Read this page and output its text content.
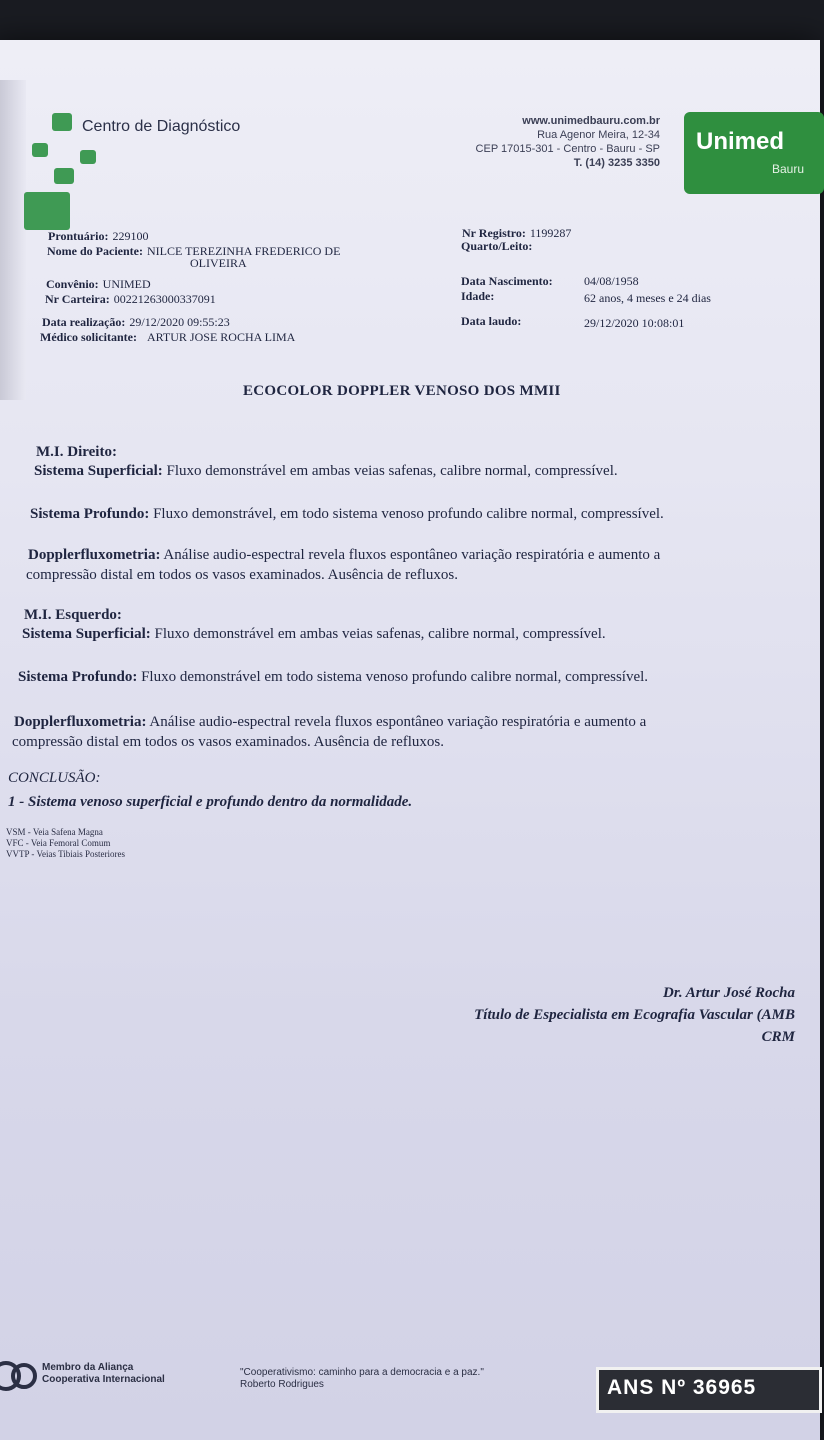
Centro de Diagnóstico	www.unimedbauru.com.br
Rua Agenor Meira, 12-34
CEP 17015-301 - Centro - Bauru - SP
T. (14) 3235 3350
Unimed
Bauru
Prontuário: 229100
Nome do Paciente: NILCE TEREZINHA FREDERICO DE
OLIVEIRA
Convênio: UNIMED
Nr Carteira: 00221263000337091
Data realização: 29/12/2020 09:55:23
Médico solicitante: ARTUR JOSE ROCHA LIMA
Nr Registro: 1199287
Quarto/Leito:
Data Nascimento:	04/08/1958
Idade:	62 anos, 4 meses e 24 dias
Data laudo:	29/12/2020 10:08:01
ECOCOLOR DOPPLER VENOSO DOS MMII
M.I. Direito:
Sistema Superficial: Fluxo demonstrável em ambas veias safenas, calibre normal, compressível.
Sistema Profundo: Fluxo demonstrável, em todo sistema venoso profundo calibre normal, compressível.
Dopplerfluxometria: Análise audio-espectral revela fluxos espontâneo variação respiratória e aumento a
compressão distal em todos os vasos examinados. Ausência de refluxos.
M.I. Esquerdo:
Sistema Superficial: Fluxo demonstrável em ambas veias safenas, calibre normal, compressível.
Sistema Profundo: Fluxo demonstrável em todo sistema venoso profundo calibre normal, compressível.
Dopplerfluxometria: Análise audio-espectral revela fluxos espontâneo variação respiratória e aumento a
compressão distal em todos os vasos examinados. Ausência de refluxos.
CONCLUSÃO:
1 - Sistema venoso superficial e profundo dentro da normalidade.
VSM - Veia Safena Magna
VFC - Veia Femoral Comum
VVTP - Veias Tibiais Posteriores
Dr. Artur José Rocha
Título de Especialista em Ecografia Vascular (AMB
CRM
Membro da Aliança
Cooperativa Internacional
"Cooperativismo: caminho para a democracia e a paz."
Roberto Rodrigues	ANS Nº 36965
